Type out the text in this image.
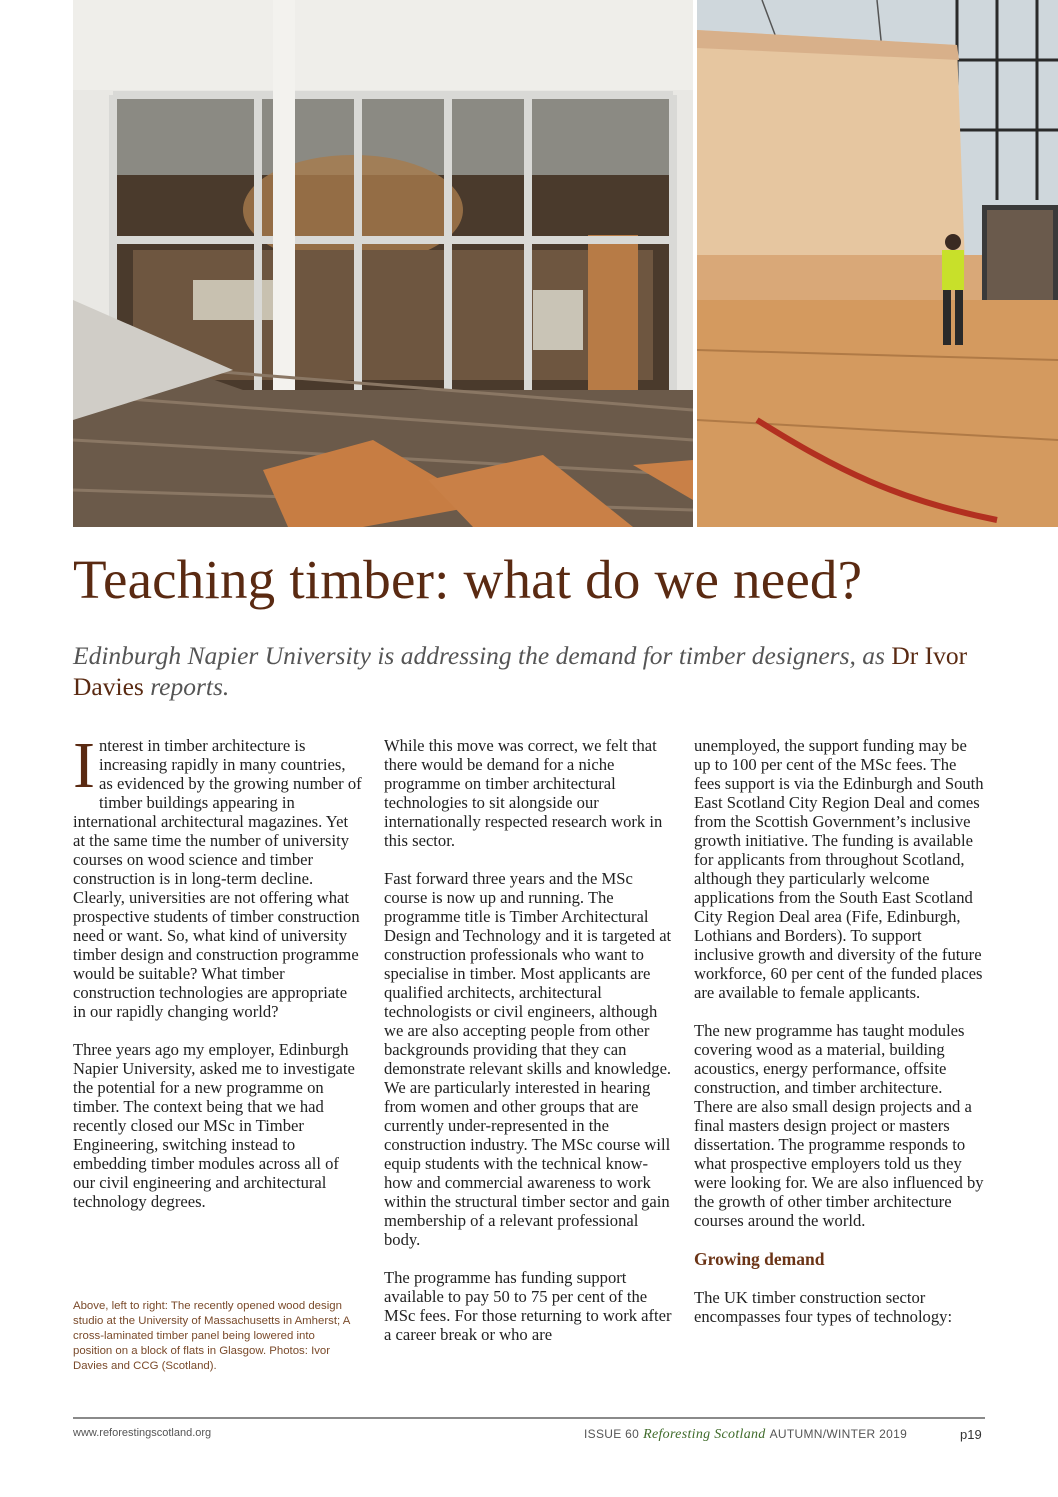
Teaching timber: what do we need?

Edinburgh Napier University is addressing the demand for timber designers, as Dr Ivor Davies reports.

Interest in timber architecture is increasing rapidly in many countries, as evidenced by the growing number of timber buildings appearing in international architectural magazines. Yet at the same time the number of university courses on wood science and timber construction is in long-term decline. Clearly, universities are not offering what prospective students of timber construction need or want. So, what kind of university timber design and construction programme would be suitable? What timber construction technologies are appropriate in our rapidly changing world?

Three years ago my employer, Edinburgh Napier University, asked me to investigate the potential for a new programme on timber. The context being that we had recently closed our MSc in Timber Engineering, switching instead to embedding timber modules across all of our civil engineering and architectural technology degrees.

Above, left to right: The recently opened wood design studio at the University of Massachusetts in Amherst; A cross-laminated timber panel being lowered into position on a block of flats in Glasgow. Photos: Ivor Davies and CCG (Scotland).

While this move was correct, we felt that there would be demand for a niche programme on timber architectural technologies to sit alongside our internationally respected research work in this sector.

Fast forward three years and the MSc course is now up and running. The programme title is Timber Architectural Design and Technology and it is targeted at construction professionals who want to specialise in timber. Most applicants are qualified architects, architectural technologists or civil engineers, although we are also accepting people from other backgrounds providing that they can demonstrate relevant skills and knowledge. We are particularly interested in hearing from women and other groups that are currently under-represented in the construction industry. The MSc course will equip students with the technical know-how and commercial awareness to work within the structural timber sector and gain membership of a relevant professional body.

The programme has funding support available to pay 50 to 75 per cent of the MSc fees. For those returning to work after a career break or who are

unemployed, the support funding may be up to 100 per cent of the MSc fees. The fees support is via the Edinburgh and South East Scotland City Region Deal and comes from the Scottish Government’s inclusive growth initiative. The funding is available for applicants from throughout Scotland, although they particularly welcome applications from the South East Scotland City Region Deal area (Fife, Edinburgh, Lothians and Borders). To support inclusive growth and diversity of the future workforce, 60 per cent of the funded places are available to female applicants.

The new programme has taught modules covering wood as a material, building acoustics, energy performance, offsite construction, and timber architecture. There are also small design projects and a final masters design project or masters dissertation. The programme responds to what prospective employers told us they were looking for. We are also influenced by the growth of other timber architecture courses around the world.

Growing demand

The UK timber construction sector encompasses four types of technology:

www.reforestingscotland.org	ISSUE 60 Reforesting Scotland AUTUMN/WINTER 2019	p19
